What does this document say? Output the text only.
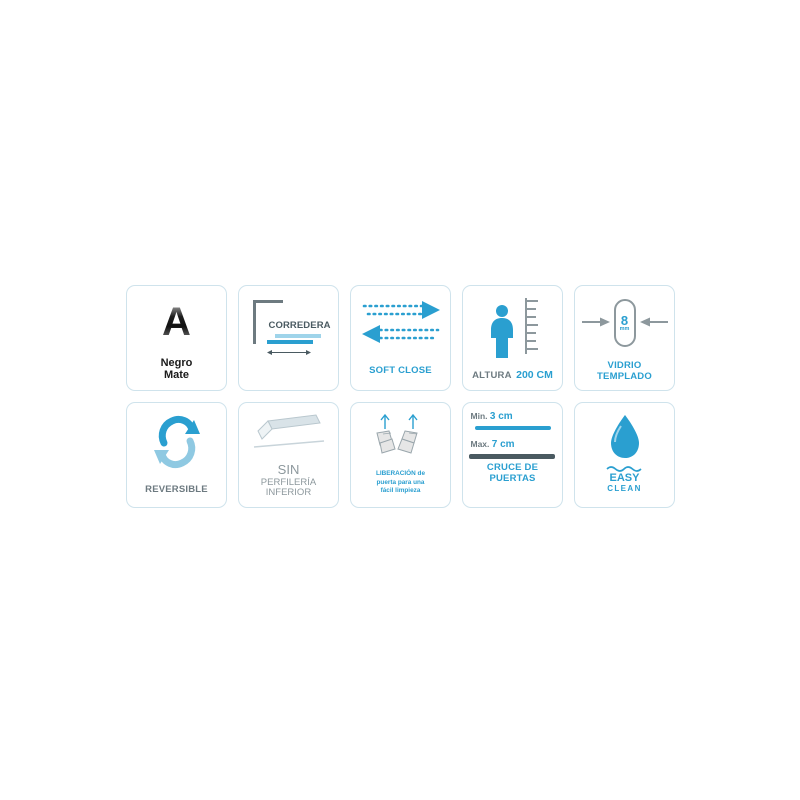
A
Negro
Mate
CORREDERA
SOFT CLOSE	ALTURA 200 CM
8
mm
VIDRIO
TEMPLADO
REVERSIBLE
SIN
PERFILERÍA
INFERIOR
LIBERACIÓN de
puerta para una
fácil limpieza
Min. 3 cm
Max. 7 cm
CRUCE DE
PUERTAS	EASY
CLEAN
